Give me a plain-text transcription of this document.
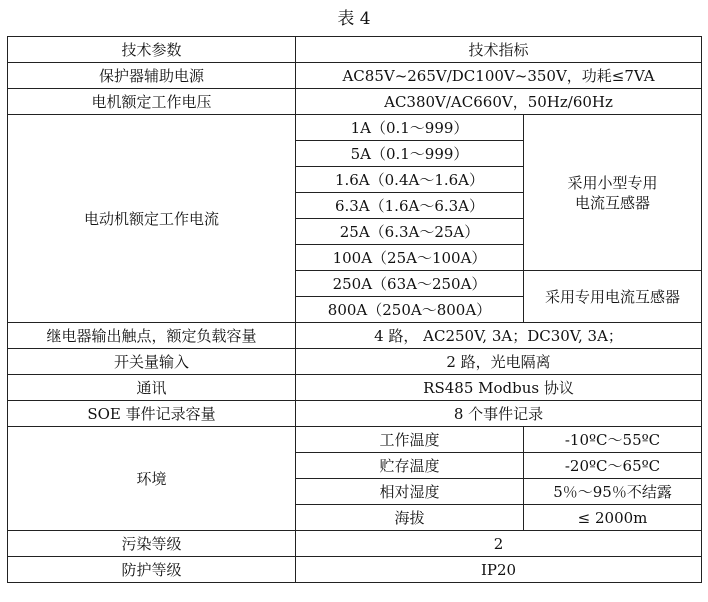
表 4
技术参数	技术指标	
保护器辅助电源	AC85V~265V/DC100V~350V，功耗≤7VA	
电机额定工作电压	AC380V/AC660V，50Hz/60Hz	
电动机额定工作电流	1A（0.1～999）	采用小型专用
电流互感器
	5A（0.1～999）	
	1.6A（0.4A～1.6A）	
	6.3A（1.6A～6.3A）	
	25A（6.3A～25A）	
	100A（25A～100A）	
	250A（63A～250A）	采用专用电流互感器
	800A（250A～800A）	
继电器输出触点，额定负载容量	4 路， AC250V, 3A；DC30V, 3A；	
开关量输入	2 路，光电隔离	
通讯	RS485 Modbus 协议	
SOE 事件记录容量	8 个事件记录	
环境	工作温度	-10ºC～55ºC
	贮存温度	-20ºC～65ºC
	相对湿度	5％～95％不结露
	海拔	≤ 2000m
污染等级	2	
防护等级	IP20	
